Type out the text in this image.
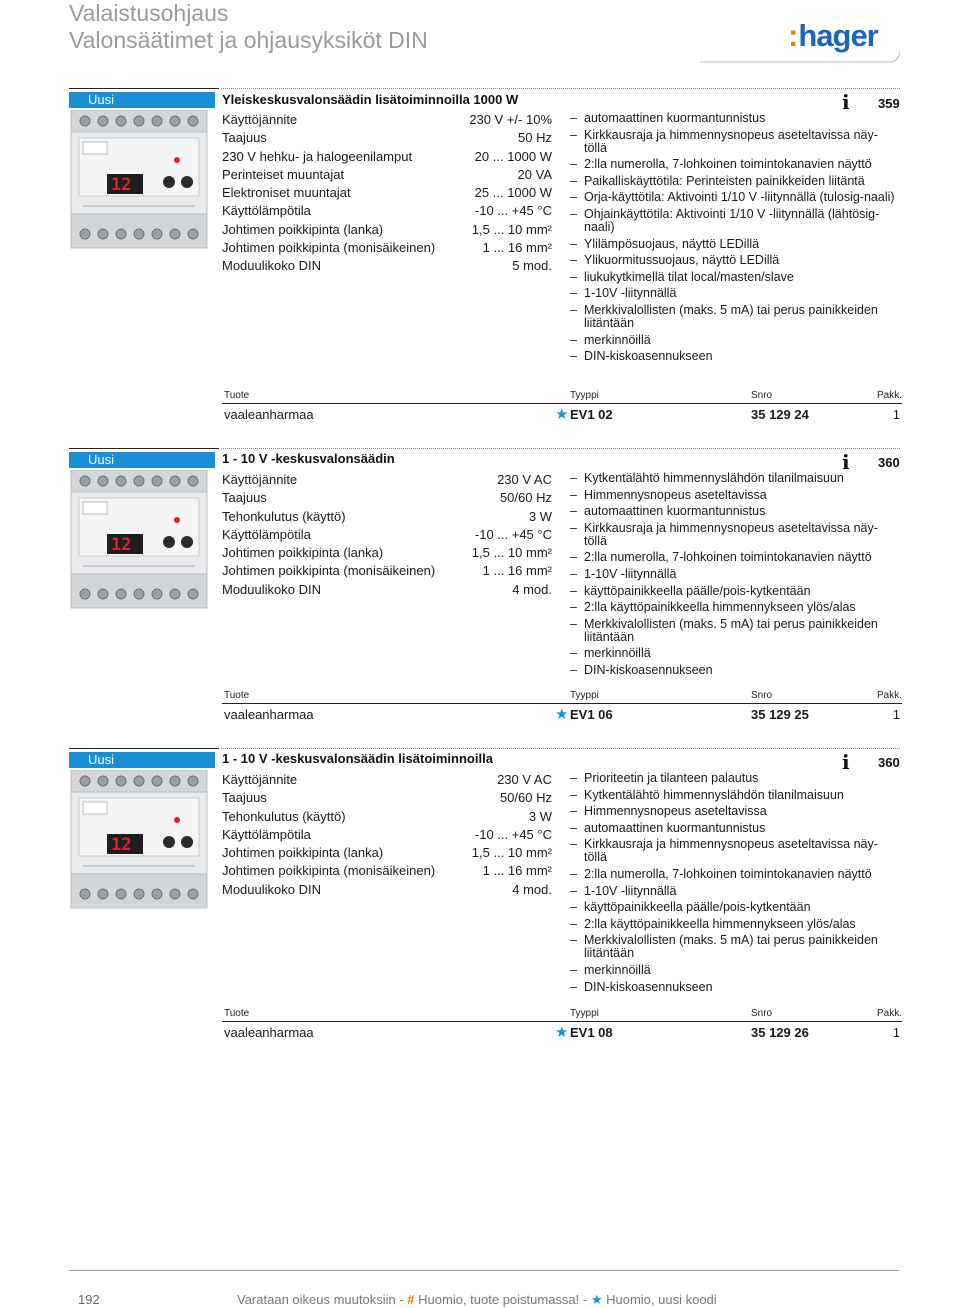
Valaistusohjaus
Valonsäätimet ja ohjausyksiköt DIN	:hager
Uusi
12
Yleiskeskusvalonsäädin lisätoiminnoilla 1000 W	i 359
Käyttöjännite	230 V +/- 10%
Taajuus	50 Hz
230 V hehku- ja halogeenilamput	20 ... 1000 W
Perinteiset muuntajat	20 VA
Elektroniset muuntajat	25 ... 1000 W
Käyttölämpötila	-10 ... +45 °C
Johtimen poikkipinta (lanka)	1,5 ... 10 mm²
Johtimen poikkipinta (monisäikeinen)	1 ... 16 mm²
Moduulikoko DIN	5 mod.
– automaattinen kuormantunnistus
– Kirkkausraja ja himmennysnopeus aseteltavissa näy-töllä
– 2:lla numerolla, 7-lohkoinen toimintokanavien näyttö
– Paikalliskäyttötila: Perinteisten painikkeiden liitäntä
– Orja-käyttötila: Aktivointi 1/10 V -liitynnällä (tulosig-naali)
– Ohjainkäyttötila: Aktivointi 1/10 V -liitynnällä (lähtösig-naali)
– Ylilämpösuojaus, näyttö LEDillä
– Ylikuormitussuojaus, näyttö LEDillä
– liukukytkimellä tilat local/masten/slave
– 1-10V -liitynnällä
– Merkkivalollisten (maks. 5 mA) tai perus painikkeiden liitäntään
– merkinnöillä
– DIN-kiskoasennukseen
Tuote	Tyyppi	Snro	Pakk.
vaaleanharmaa	★ EV1 02	35 129 24	1
Uusi
12
1 - 10 V -keskusvalonsäädin	i 360
Käyttöjännite	230 V AC
Taajuus	50/60 Hz
Tehonkulutus (käyttö)	3 W
Käyttölämpötila	-10 ... +45 °C
Johtimen poikkipinta (lanka)	1,5 ... 10 mm²
Johtimen poikkipinta (monisäikeinen)	1 ... 16 mm²
Moduulikoko DIN	4 mod.
– Kytkentälähtö himmennyslähdön tilanilmaisuun
– Himmennysnopeus aseteltavissa
– automaattinen kuormantunnistus
– Kirkkausraja ja himmennysnopeus aseteltavissa näy-töllä
– 2:lla numerolla, 7-lohkoinen toimintokanavien näyttö
– 1-10V -liitynnällä
– käyttöpainikkeella päälle/pois-kytkentään
– 2:lla käyttöpainikkeella himmennykseen ylös/alas
– Merkkivalollisten (maks. 5 mA) tai perus painikkeiden liitäntään
– merkinnöillä
– DIN-kiskoasennukseen
Tuote	Tyyppi	Snro	Pakk.
vaaleanharmaa	★ EV1 06	35 129 25	1
Uusi
12
1 - 10 V -keskusvalonsäädin lisätoiminnoilla	i 360
Käyttöjännite	230 V AC
Taajuus	50/60 Hz
Tehonkulutus (käyttö)	3 W
Käyttölämpötila	-10 ... +45 °C
Johtimen poikkipinta (lanka)	1,5 ... 10 mm²
Johtimen poikkipinta (monisäikeinen)	1 ... 16 mm²
Moduulikoko DIN	4 mod.
– Prioriteetin ja tilanteen palautus
– Kytkentälähtö himmennyslähdön tilanilmaisuun
– Himmennysnopeus aseteltavissa
– automaattinen kuormantunnistus
– Kirkkausraja ja himmennysnopeus aseteltavissa näy-töllä
– 2:lla numerolla, 7-lohkoinen toimintokanavien näyttö
– 1-10V -liitynnällä
– käyttöpainikkeella päälle/pois-kytkentään
– 2:lla käyttöpainikkeella himmennykseen ylös/alas
– Merkkivalollisten (maks. 5 mA) tai perus painikkeiden liitäntään
– merkinnöillä
– DIN-kiskoasennukseen
Tuote	Tyyppi	Snro	Pakk.
vaaleanharmaa	★ EV1 08	35 129 26	1
192	Varataan oikeus muutoksiin - # Huomio, tuote poistumassa! - ★ Huomio, uusi koodi
